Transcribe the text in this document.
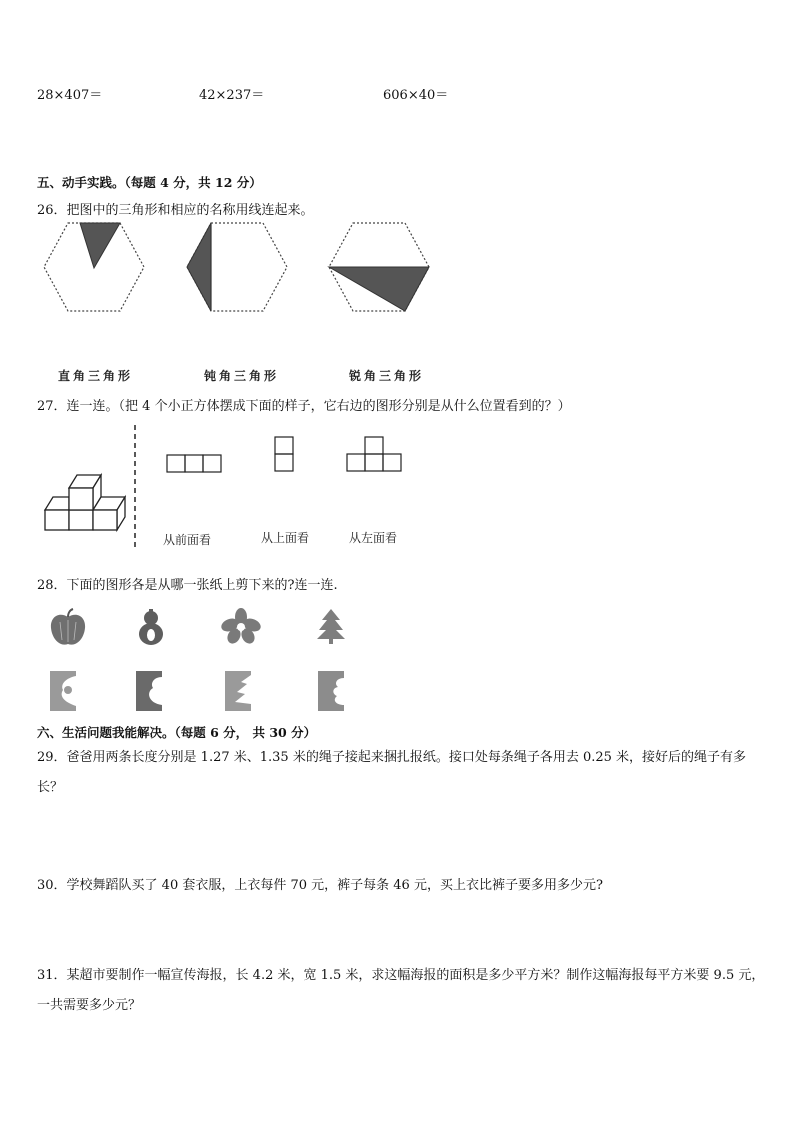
28×407＝	42×237＝	606×40＝
五、动手实践。（每题 4 分，共 12 分）
26．把图中的三角形和相应的名称用线连起来。
直角三角形	钝角三角形	锐角三角形
27．连一连。（把 4 个小正方体摆成下面的样子，它右边的图形分别是从什么位置看到的？）
从前面看	从上面看	从左面看
28．下面的图形各是从哪一张纸上剪下来的?连一连.
六、生活问题我能解决。（每题 6 分， 共 30 分）
29．爸爸用两条长度分别是 1.27 米、1.35 米的绳子接起来捆扎报纸。接口处每条绳子各用去 0.25 米，接好后的绳子有多长？
30．学校舞蹈队买了 40 套衣服，上衣每件 70 元，裤子每条 46 元，买上衣比裤子要多用多少元?
31．某超市要制作一幅宣传海报，长 4.2 米，宽 1.5 米，求这幅海报的面积是多少平方米？制作这幅海报每平方米要 9.5 元，一共需要多少元？
